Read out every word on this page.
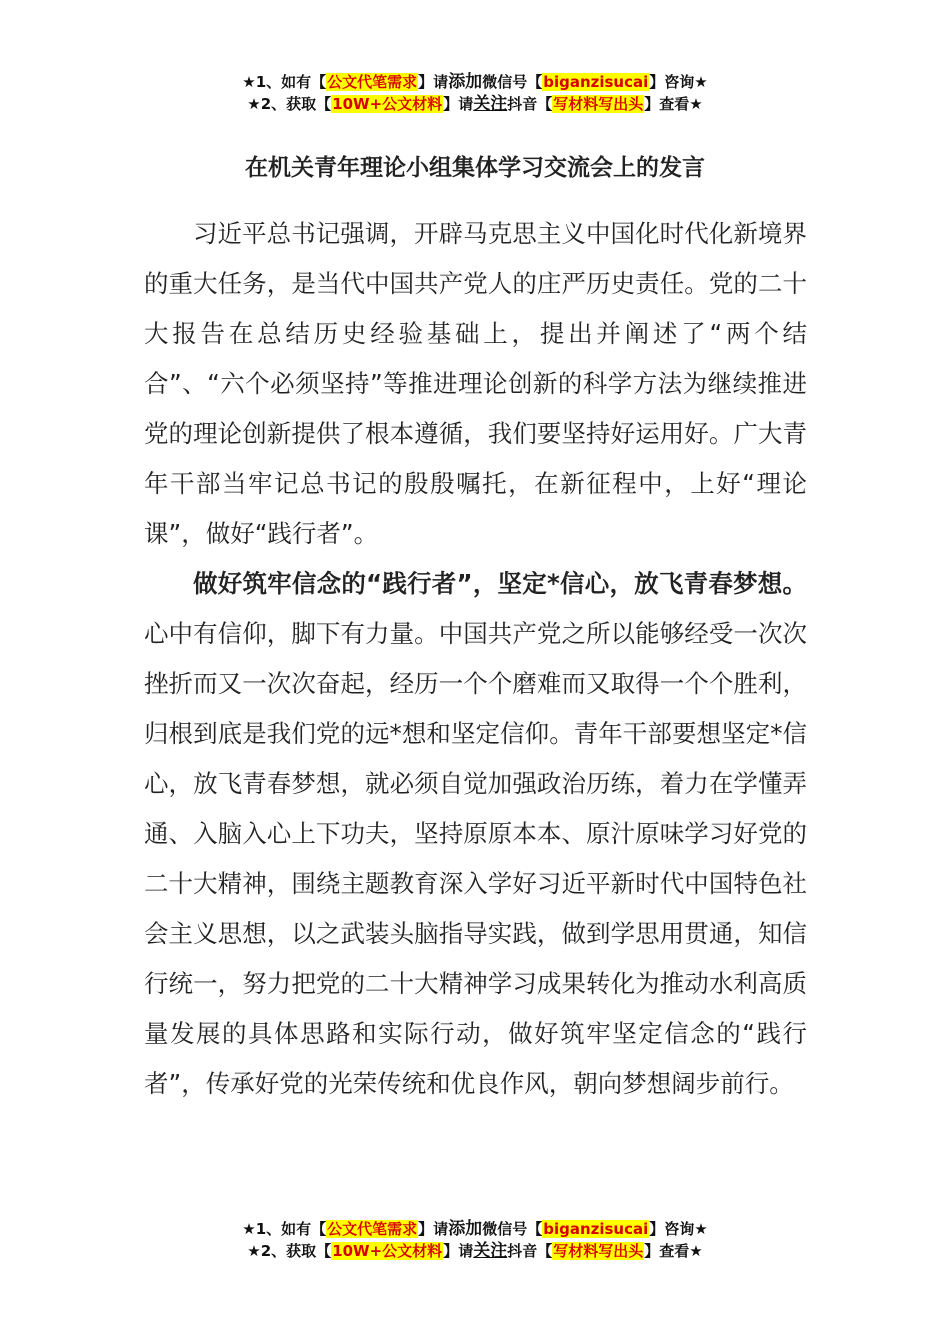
★1、如有【公文代笔需求】请添加微信号【biganzisucai】咨询★
★2、获取【10W+公文材料】请关注抖音【写材料写出头】查看★
在机关青年理论小组集体学习交流会上的发言

习近平总书记强调，开辟马克思主义中国化时代化新境界的重大任务，是当代中国共产党人的庄严历史责任。党的二十大报告在总结历史经验基础上，提出并阐述了“两个结合”、“六个必须坚持”等推进理论创新的科学方法为继续推进党的理论创新提供了根本遵循，我们要坚持好运用好。广大青年干部当牢记总书记的殷殷嘱托，在新征程中，上好“理论课”，做好“践行者”。

做好筑牢信念的“践行者”，坚定*信心，放飞青春梦想。心中有信仰，脚下有力量。中国共产党之所以能够经受一次次挫折而又一次次奋起，经历一个个磨难而又取得一个个胜利，归根到底是我们党的远*想和坚定信仰。青年干部要想坚定*信心，放飞青春梦想，就必须自觉加强政治历练，着力在学懂弄通、入脑入心上下功夫，坚持原原本本、原汁原味学习好党的二十大精神，围绕主题教育深入学好习近平新时代中国特色社会主义思想，以之武装头脑指导实践，做到学思用贯通，知信行统一，努力把党的二十大精神学习成果转化为推动水利高质量发展的具体思路和实际行动，做好筑牢坚定信念的“践行者”，传承好党的光荣传统和优良作风，朝向梦想阔步前行。

★1、如有【公文代笔需求】请添加微信号【biganzisucai】咨询★
★2、获取【10W+公文材料】请关注抖音【写材料写出头】查看★
